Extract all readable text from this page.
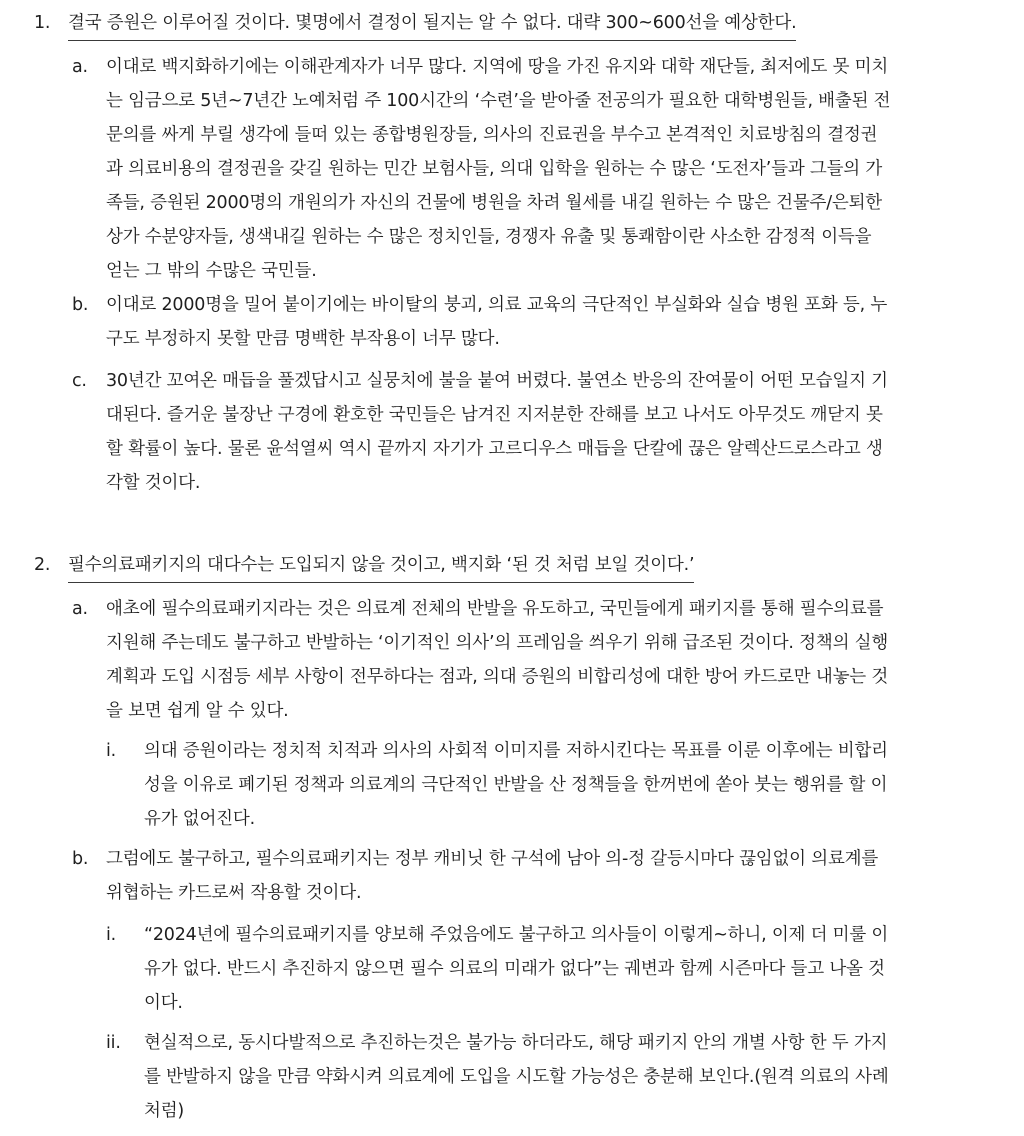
1.	결국 증원은 이루어질 것이다. 몇명에서 결정이 될지는 알 수 없다. 대략 300~600선을 예상한다.
a.	이대로 백지화하기에는 이해관계자가 너무 많다. 지역에 땅을 가진 유지와 대학 재단들, 최저에도 못 미치
는 임금으로 5년~7년간 노예처럼 주 100시간의 ‘수련’을 받아줄 전공의가 필요한 대학병원들, 배출된 전
문의를 싸게 부릴 생각에 들떠 있는 종합병원장들, 의사의 진료권을 부수고 본격적인 치료방침의 결정권
과 의료비용의 결정권을 갖길 원하는 민간 보험사들, 의대 입학을 원하는 수 많은 ‘도전자’들과 그들의 가
족들, 증원된 2000명의 개원의가 자신의 건물에 병원을 차려 월세를 내길 원하는 수 많은 건물주/은퇴한
상가 수분양자들, 생색내길 원하는 수 많은 정치인들, 경쟁자 유출 및 통쾌함이란 사소한 감정적 이득을
얻는 그 밖의 수많은 국민들.
b.	이대로 2000명을 밀어 붙이기에는 바이탈의 붕괴, 의료 교육의 극단적인 부실화와 실습 병원 포화 등, 누
구도 부정하지 못할 만큼 명백한 부작용이 너무 많다.
c.	30년간 꼬여온 매듭을 풀겠답시고 실뭉치에 불을 붙여 버렸다. 불연소 반응의 잔여물이 어떤 모습일지 기
대된다. 즐거운 불장난 구경에 환호한 국민들은 남겨진 지저분한 잔해를 보고 나서도 아무것도 깨닫지 못
할 확률이 높다. 물론 윤석열씨 역시 끝까지 자기가 고르디우스 매듭을 단칼에 끊은 알렉산드로스라고 생
각할 것이다.
2.	필수의료패키지의 대다수는 도입되지 않을 것이고, 백지화 ‘된 것 처럼 보일 것이다.’
a.	애초에 필수의료패키지라는 것은 의료계 전체의 반발을 유도하고, 국민들에게 패키지를 통해 필수의료를
지원해 주는데도 불구하고 반발하는 ‘이기적인 의사’의 프레임을 씌우기 위해 급조된 것이다. 정책의 실행
계획과 도입 시점등 세부 사항이 전무하다는 점과, 의대 증원의 비합리성에 대한 방어 카드로만 내놓는 것
을 보면 쉽게 알 수 있다.
i.	의대 증원이라는 정치적 치적과 의사의 사회적 이미지를 저하시킨다는 목표를 이룬 이후에는 비합리
성을 이유로 폐기된 정책과 의료계의 극단적인 반발을 산 정책들을 한꺼번에 쏟아 붓는 행위를 할 이
유가 없어진다.
b.	그럼에도 불구하고, 필수의료패키지는 정부 캐비닛 한 구석에 남아 의-정 갈등시마다 끊임없이 의료계를
위협하는 카드로써 작용할 것이다.
i.	“2024년에 필수의료패키지를 양보해 주었음에도 불구하고 의사들이 이렇게~하니, 이제 더 미룰 이
유가 없다. 반드시 추진하지 않으면 필수 의료의 미래가 없다”는 궤변과 함께 시즌마다 들고 나올 것
이다.
ii.	현실적으로, 동시다발적으로 추진하는것은 불가능 하더라도, 해당 패키지 안의 개별 사항 한 두 가지
를 반발하지 않을 만큼 약화시켜 의료계에 도입을 시도할 가능성은 충분해 보인다.(원격 의료의 사례
처럼)
